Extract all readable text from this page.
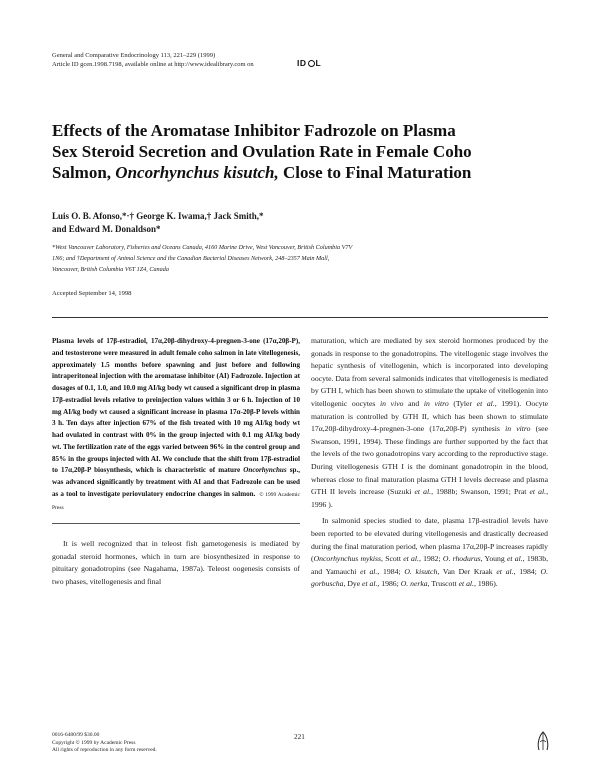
General and Comparative Endocrinology 113, 221–229 (1999)
Article ID gcen.1998.7198, available online at http://www.idealibrary.com on	ID L
Effects of the Aromatase Inhibitor Fadrozole on Plasma
Sex Steroid Secretion and Ovulation Rate in Female Coho
Salmon, Oncorhynchus kisutch, Close to Final Maturation
Luis O. B. Afonso,*·† George K. Iwama,† Jack Smith,*
and Edward M. Donaldson*
*West Vancouver Laboratory, Fisheries and Oceans Canada, 4160 Marine Drive, West Vancouver, British Columbia V7V
1N6; and †Department of Animal Science and the Canadian Bacterial Diseases Network, 248–2357 Main Mall,
Vancouver, British Columbia V6T 1Z4, Canada
Accepted September 14, 1998
Plasma levels of 17β-estradiol, 17α,20β-dihydroxy-4-pregnen-3-one (17α,20β-P), and testosterone were measured in adult female coho salmon in late vitellogenesis, approximately 1.5 months before spawning and just before and following intraperitoneal injection with the aromatase inhibitor (AI) Fadrozole. Injection at dosages of 0.1, 1.0, and 10.0 mg AI/kg body wt caused a significant drop in plasma 17β-estradiol levels relative to preinjection values within 3 or 6 h. Injection of 10 mg AI/kg body wt caused a significant increase in plasma 17α-20β-P levels within 3 h. Ten days after injection 67% of the fish treated with 10 mg AI/kg body wt had ovulated in contrast with 0% in the group injected with 0.1 mg AI/kg body wt. The fertilization rate of the eggs varied between 96% in the control group and 85% in the groups injected with AI. We conclude that the shift from 17β-estradiol to 17α,20β-P biosynthesis, which is characteristic of mature Oncorhynchus sp., was advanced significantly by treatment with AI and that Fadrozole can be used as a tool to investigate periovulatory endocrine changes in salmon. © 1999 Academic Press
It is well recognized that in teleost fish gametogenesis is mediated by gonadal steroid hormones, which in turn are biosynthesized in response to pituitary gonadotropins (see Nagahama, 1987a). Teleost oogenesis consists of two phases, vitellogenesis and final

maturation, which are mediated by sex steroid hormones produced by the gonads in response to the gonadotropins. The vitellogenic stage involves the hepatic synthesis of vitellogenin, which is incorporated into developing oocyte. Data from several salmonids indicates that vitellogenesis is mediated by GTH I, which has been shown to stimulate the uptake of vitellogenin into vitellogenic oocytes in vivo and in vitro (Tyler et al., 1991). Oocyte maturation is controlled by GTH II, which has been shown to stimulate 17α,20β-dihydroxy-4-pregnen-3-one (17α,20β-P) synthesis in vitro (see Swanson, 1991, 1994). These findings are further supported by the fact that the levels of the two gonadotropins vary according to the reproductive stage. During vitellogenesis GTH I is the dominant gonadotropin in the blood, whereas close to final maturation plasma GTH I levels decrease and plasma GTH II levels increase (Suzuki et al., 1988b; Swanson, 1991; Prat et al., 1996 ).

In salmonid species studied to date, plasma 17β-estradiol levels have been reported to be elevated during vitellogenesis and drastically decreased during the final maturation period, when plasma 17α,20β-P increases rapidly (Oncorhynchus mykiss, Scott et al., 1982; O. rhodurus, Young et al., 1983b, and Yamauchi et al., 1984; O. kisutch, Van Der Kraak et al., 1984; O. gorbuscha, Dye et al., 1986; O. nerka, Truscott et al., 1986).

0016-6480/99 $30.00
Copyright © 1999 by Academic Press
All rights of reproduction in any form reserved.
221
